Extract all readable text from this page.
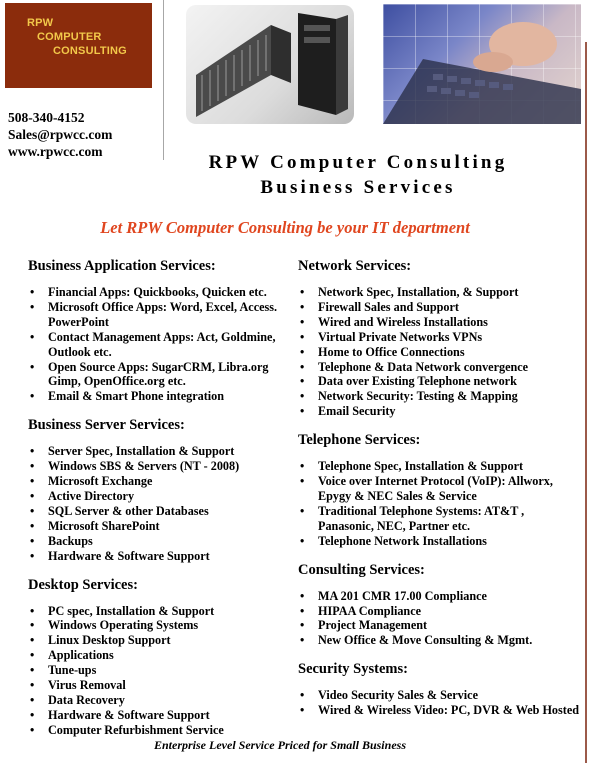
RPW
COMPUTER
CONSULTING
508-340-4152
Sales@rpwcc.com
www.rpwcc.com
RPW Computer Consulting
Business Services
Let RPW Computer Consulting be your IT department
Business Application Services:
• Financial Apps: Quickbooks, Quicken etc.
• Microsoft Office Apps: Word, Excel, Access. PowerPoint
• Contact Management Apps: Act, Goldmine, Outlook etc.
• Open Source Apps: SugarCRM, Libra.org Gimp, OpenOffice.org etc.
• Email & Smart Phone integration
Business Server Services:
• Server Spec, Installation & Support
• Windows SBS & Servers (NT - 2008)
• Microsoft Exchange
• Active Directory
• SQL Server & other Databases
• Microsoft SharePoint
• Backups
• Hardware & Software Support
Desktop Services:
• PC spec, Installation & Support
• Windows Operating Systems
• Linux Desktop Support
• Applications
• Tune-ups
• Virus Removal
• Data Recovery
• Hardware & Software Support
• Computer Refurbishment Service
Network Services:
• Network Spec, Installation, & Support
• Firewall Sales and Support
• Wired and Wireless Installations
• Virtual Private Networks VPNs
• Home to Office Connections
• Telephone & Data Network convergence
• Data over Existing Telephone network
• Network Security: Testing & Mapping
• Email Security
Telephone Services:
• Telephone Spec, Installation & Support
• Voice over Internet Protocol (VoIP): Allworx, Epygy & NEC Sales & Service
• Traditional Telephone Systems: AT&T , Panasonic, NEC, Partner etc.
• Telephone Network Installations
Consulting Services:
• MA 201 CMR 17.00 Compliance
• HIPAA Compliance
• Project Management
• New Office & Move Consulting & Mgmt.
Security Systems:
• Video Security Sales & Service
• Wired & Wireless Video: PC, DVR & Web Hosted
Enterprise Level Service Priced for Small Business
